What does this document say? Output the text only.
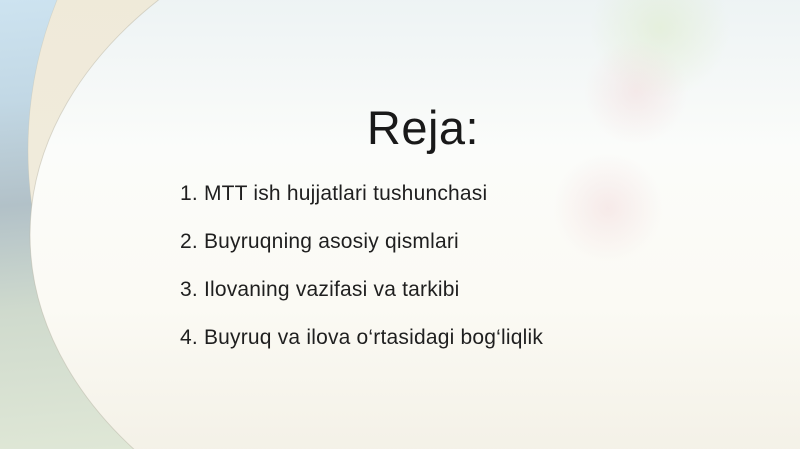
Reja:
1. MTT ish hujjatlari tushunchasi
2. Buyruqning asosiy qismlari
3. Ilovaning vazifasi va tarkibi
4. Buyruq va ilova o‘rtasidagi bog‘liqlik
